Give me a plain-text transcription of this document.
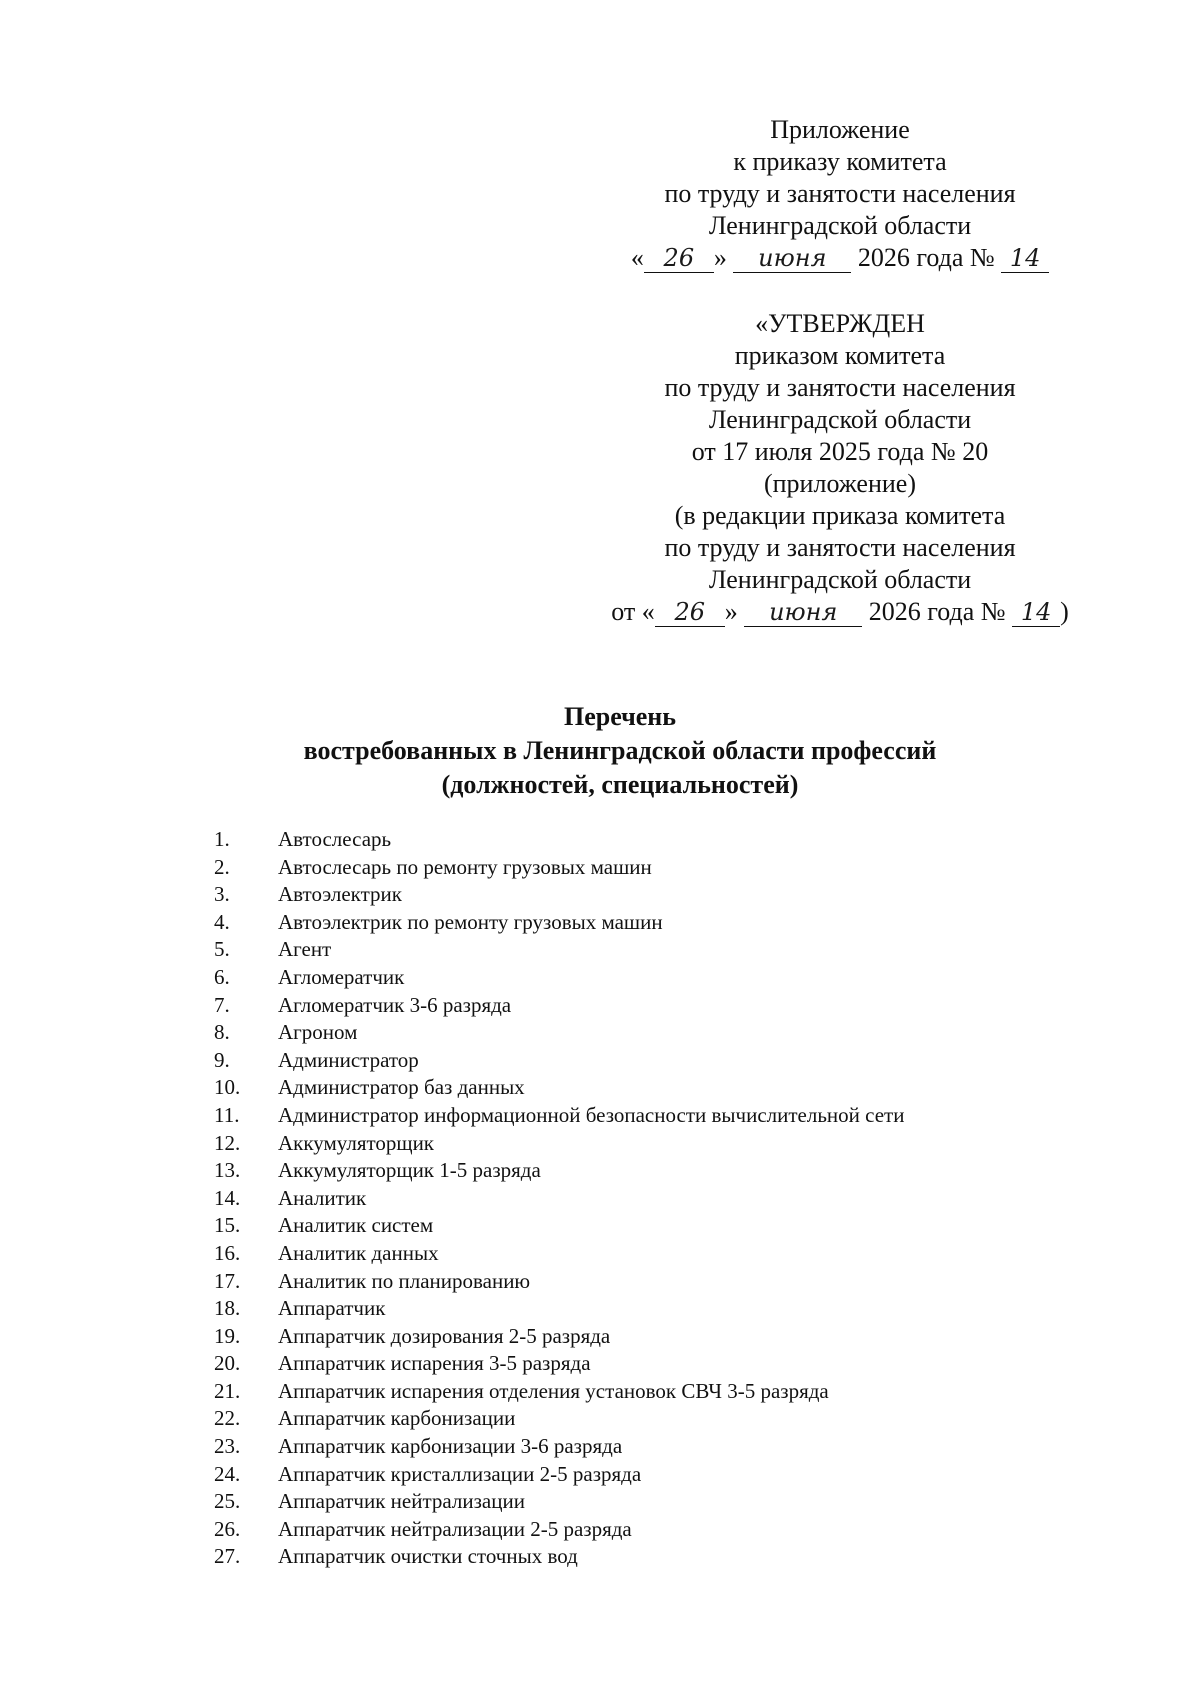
Приложение
к приказу комитета
по труду и занятости населения
Ленинградской области
« 26 » июня 2026 года № 14
«УТВЕРЖДЕН
приказом комитета
по труду и занятости населения
Ленинградской области
от 17 июля 2025 года № 20
(приложение)
(в редакции приказа комитета
по труду и занятости населения
Ленинградской области
от « 26 » июня 2026 года № 14 )
Перечень
востребованных в Ленинградской области профессий
(должностей, специальностей)
1.	Автослесарь
2.	Автослесарь по ремонту грузовых машин
3.	Автоэлектрик
4.	Автоэлектрик по ремонту грузовых машин
5.	Агент
6.	Агломератчик
7.	Агломератчик 3-6 разряда
8.	Агроном
9.	Администратор
10.	Администратор баз данных
11.	Администратор информационной безопасности вычислительной сети
12.	Аккумуляторщик
13.	Аккумуляторщик 1-5 разряда
14.	Аналитик
15.	Аналитик систем
16.	Аналитик данных
17.	Аналитик по планированию
18.	Аппаратчик
19.	Аппаратчик дозирования 2-5 разряда
20.	Аппаратчик испарения 3-5 разряда
21.	Аппаратчик испарения отделения установок СВЧ 3-5 разряда
22.	Аппаратчик карбонизации
23.	Аппаратчик карбонизации 3-6 разряда
24.	Аппаратчик кристаллизации 2-5 разряда
25.	Аппаратчик нейтрализации
26.	Аппаратчик нейтрализации 2-5 разряда
27.	Аппаратчик очистки сточных вод
